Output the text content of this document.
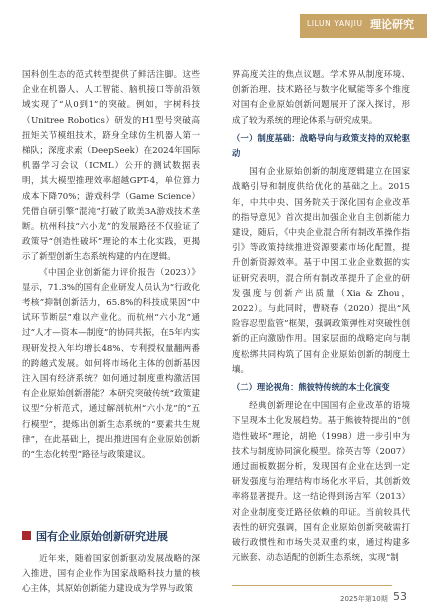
LILUN YANJIU 理论研究

国科创生态的范式转型提供了鲜活注脚。这些企业在机器人、人工智能、脑机接口等前沿领域实现了“从0到1”的突破。例如，宇树科技（Unitree Robotics）研发的H1型号突破高扭矩关节模组技术，跻身全球仿生机器人第一梯队；深度求索（DeepSeek）在2024年国际机器学习会议（ICML）公开的测试数据表明，其大模型推理效率超越GPT-4，单位算力成本下降70%；游戏科学（Game Science）凭借自研引擎“混沌”打破了欧美3A游戏技术垄断。杭州科技“六小龙”的发展路径不仅验证了政策导“创造性破坏”理论的本土化实践，更揭示了新型创新生态系统构建的内在逻辑。

《中国企业创新能力评价报告（2023）》显示，71.3%的国有企业研发人员认为“行政化考核”抑制创新活力，65.8%的科技成果因“中试环节断层”难以产业化。而杭州“六小龙”通过“人才—资本—制度”的协同共振，在5年内实现研发投入年均增长48%、专利授权量翻两番的跨越式发展。如何将市场化主体的创新基因注入国有经济系统？如何通过制度重构激活国有企业原始创新潜能？本研究突破传统“政策建议型”分析范式，通过解剖杭州“六小龙”的“五行模型”，提炼出创新生态系统的“要素共生规律”，在此基础上，提出推进国有企业原始创新的“生态化转型”路径与政策建议。

国有企业原始创新研究进展

近年来，随着国家创新驱动发展战略的深入推进，国有企业作为国家战略科技力量的核心主体，其原始创新能力建设成为学界与政策

界高度关注的焦点议题。学术界从制度环境、创新治理、技术路径与数字化赋能等多个维度对国有企业原始创新问题展开了深入探讨，形成了较为系统的理论体系与研究成果。

（一）制度基础：战略导向与政策支持的双轮驱动

国有企业原始创新的制度逻辑建立在国家战略引导和制度供给优化的基础之上。2015年，中共中央、国务院关于深化国有企业改革的指导意见》首次提出加强企业自主创新能力建设，随后，《中央企业混合所有制改革操作指引》等政策持续推进资源要素市场化配置，提升创新资源效率。基于中国工业企业数据的实证研究表明，混合所有制改革提升了企业的研发强度与创新产出质量（Xia & Zhou，2022）。与此同时，曹晓春（2020）提出“风险容忍型监管”框架，强调政策弹性对突破性创新的正向激励作用。国家层面的战略定向与制度松绑共同构筑了国有企业原始创新的制度土壤。

（二）理论视角：熊彼特传统的本土化演变

经典创新理论在中国国有企业改革的语境下呈现本土化发展趋势。基于熊彼特提出的“创造性破坏”理论，胡艳（1998）进一步引申为技术与制度协同演化模型。徐英吉等（2007）通过面板数据分析，发现国有企业在达到一定研发强度与治理结构市场化水平后，其创新效率将显著提升。这一结论得到汤吉军（2013）对企业制度变迁路径依赖的印证。当前较具代表性的研究强调，国有企业原始创新突破需打破行政惯性和市场失灵双重约束，通过构建多元嵌套、动态适配的创新生态系统，实现“制

2025年第10期 53
